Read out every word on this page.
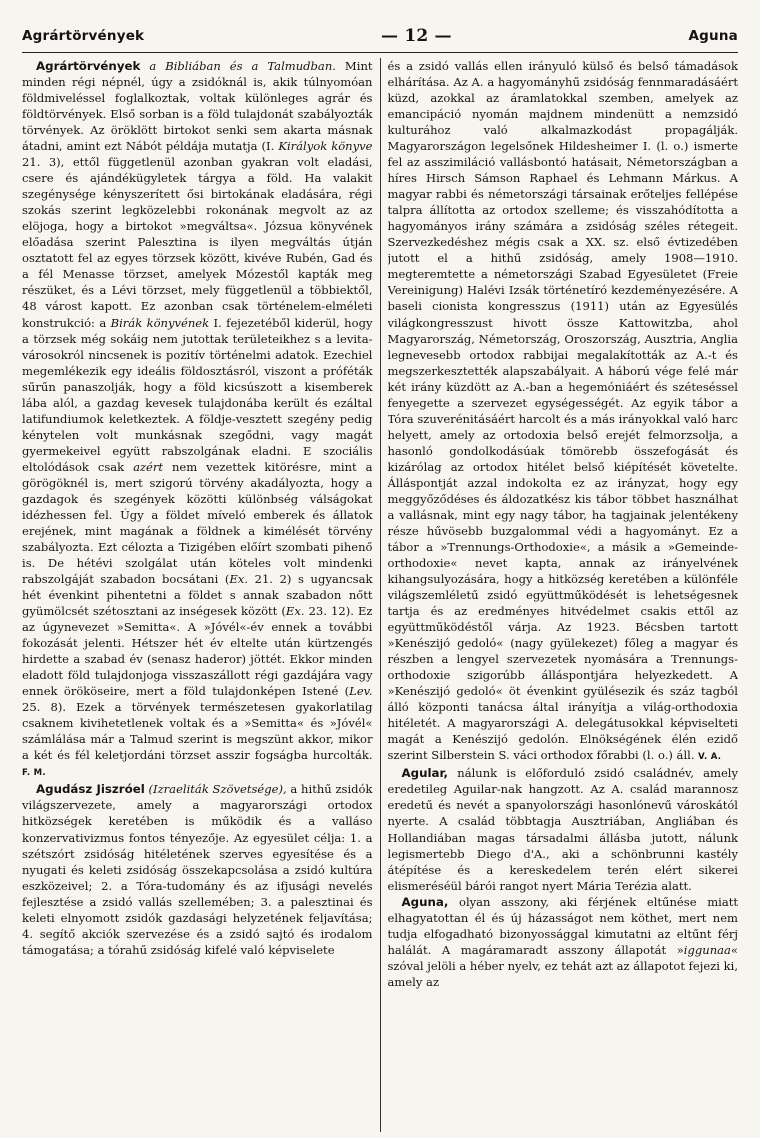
Agrártörvények	— 12 —	Aguna

Agrártörvények a Bibliában és a Talmudban. Mint minden régi népnél, úgy a zsidóknál is, akik túlnyomóan földmiveléssel foglalkoztak, voltak különleges agrár és földtörvények. Első sorban is a föld tulajdonát szabályozták törvények. Az öröklött birtokot senki sem akarta másnak átadni, amint ezt Nábót példája mutatja (I. Királyok könyve 21. 3), ettől függetlenül azonban gyakran volt eladási, csere és ajándékügyletek tárgya a föld. Ha valakit szegénysége kényszerített ősi birtokának eladására, régi szokás szerint legközelebbi rokonának megvolt az az elöjoga, hogy a birtokot »megváltsa«. Józsua könyvének előadása szerint Palesztina is ilyen megváltás útján osztatott fel az egyes törzsek között, kivéve Rubén, Gad és a fél Menasse törzset, amelyek Mózestől kapták meg részüket, és a Lévi törzset, mely függetlenül a többiektől, 48 várost kapott. Ez azonban csak történelem-elméleti konstrukció: a Birák könyvének I. fejezetéből kiderül, hogy a törzsek még sokáig nem jutottak területeikhez s a levita-városokról nincsenek is pozitív történelmi adatok. Ezechiel megemlékezik egy ideális földosztásról, viszont a próféták sűrűn panaszolják, hogy a föld kicsúszott a kisemberek lába alól, a gazdag kevesek tulajdonába került és ezáltal latifundiumok keletkeztek. A földje-vesztett szegény pedig kénytelen volt munkásnak szegődni, vagy magát gyermekeivel együtt rabszolgának eladni. E szociális eltolódások csak azért nem vezettek kitörésre, mint a görögöknél is, mert szigorú törvény akadályozta, hogy a gazdagok és szegények közötti különbség válságokat idézhessen fel. Úgy a földet míveló emberek és állatok erejének, mint magának a földnek a kimélését törvény szabályozta. Ezt célozta a Tizigében előírt szombati pihenő is. De hétévi szolgálat után köteles volt mindenki rabszolgáját szabadon bocsátani (Ex. 21. 2) s ugyancsak hét évenkint pihentetni a földet s annak szabadon nőtt gyümölcsét szétosztani az inségesek között (Ex. 23. 12). Ez az úgynevezet »Semitta«. A »Jóvél«-év ennek a további fokozását jelenti. Hétszer hét év eltelte után kürtzengés hirdette a szabad év (senasz haderor) jöttét. Ekkor minden eladott föld tulajdonjoga visszaszállott régi gazdájára vagy ennek örököseire, mert a föld tulajdonképen Istené (Lev. 25. 8). Ezek a törvények természetesen gyakorlatilag csaknem kivihetetlenek voltak és a »Semitta« és »Jóvél« számlálása már a Talmud szerint is megszünt akkor, mikor a két és fél keletjordáni törzset asszir fogságba hurcolták. F. M.

Agudász Jiszróel (Izraeliták Szövetsége), a hithű zsidók világszervezete, amely a magyarországi ortodox hitközségek keretében is működik és a valláso konzervativizmus fontos tényezője. Az egyesület célja: 1. a szétszórt zsidóság hitéletének szerves egyesítése és a nyugati és keleti zsidóság összekapcsolása a zsidó kultúra eszközeivel; 2. a Tóra-tudomány és az ifjusági nevelés fejlesztése a zsidó vallás szellemében; 3. a palesztinai és keleti elnyomott zsidók gazdasági helyzetének feljavítása; 4. segítő akciók szervezése és a zsidó sajtó és irodalom támogatása; a tórahű zsidóság kifelé való képviselete

és a zsidó vallás ellen irányuló külső és belső támadások elhárítása. Az A. a hagyományhű zsidóság fennmaradásáért küzd, azokkal az áramlatokkal szemben, amelyek az emancipáció nyomán majdnem mindenütt a nemzsidó kulturához való alkalmazkodást propagálják. Magyarországon legelsőnek Hildesheimer I. (l. o.) ismerte fel az asszimiláció vallásbontó hatásait, Németországban a híres Hirsch Sámson Raphael és Lehmann Márkus. A magyar rabbi és németországi társainak erőteljes fellépése talpra állította az ortodox szelleme; és visszahódította a hagyományos irány számára a zsidóság széles rétegeit. Szervezkedéshez mégis csak a XX. sz. első évtizedében jutott el a hithű zsidóság, amely 1908—1910. megteremtette a németországi Szabad Egyesületet (Freie Vereinigung) Halévi Izsák történetíró kezdeményezésére. A baseli cionista kongresszus (1911) után az Egyesülés világkongresszust hivott össze Kattowitzba, ahol Magyarország, Németország, Oroszország, Ausztria, Anglia legnevesebb ortodox rabbijai megalakították az A.-t és megszerkesztették alapszabályait. A háború vége felé már két irány küzdött az A.-ban a hegemóniáért és széteséssel fenyegette a szervezet egységességét. Az egyik tábor a Tóra szuverénitásáért harcolt és a más irányokkal való harc helyett, amely az ortodoxia belső erejét felmorzsolja, a hasonló gondolkodásúak tömörebb összefogását és kizárólag az ortodox hitélet belső kiépítését követelte. Álláspontját azzal indokolta ez az irányzat, hogy egy meggyőződéses és áldozatkész kis tábor többet használhat a vallásnak, mint egy nagy tábor, ha tagjainak jelentékeny része hűvösebb buzgalommal védi a hagyományt. Ez a tábor a »Trennungs-Orthodoxie«, a másik a »Gemeinde-orthodoxie« nevet kapta, annak az irányelvének kihangsulyozására, hogy a hitközség keretében a különféle világszemléletű zsidó együttműködését is lehetségesnek tartja és az eredményes hitvédelmet csakis ettől az együttműködéstől várja. Az 1923. Bécsben tartott »Kenészijó gedoló« (nagy gyülekezet) főleg a magyar és részben a lengyel szervezetek nyomására a Trennungs-orthodoxie szigorúbb álláspontjára helyezkedett. A »Kenészijó gedoló« öt évenkint gyülésezik és száz tagból álló központi tanácsa által irányítja a világ-orthodoxia hitéletét. A magyarországi A. delegátusokkal képviselteti magát a Kenészijó gedolón. Elnökségének élén ezidő szerint Silberstein S. váci orthodox főrabbi (l. o.) áll. V. A.

Agular, nálunk is előforduló zsidó családnév, amely eredetileg Aguilar-nak hangzott. Az A. család marannosz eredetű és nevét a spanyolországi hasonlónevű városkától nyerte. A család többtagja Ausztriában, Angliában és Hollandiában magas társadalmi állásba jutott, nálunk legismertebb Diego d'A., aki a schönbrunni kastély átépítése és a kereskedelem terén elért sikerei elismeréséül bárói rangot nyert Mária Terézia alatt.

Aguna, olyan asszony, aki férjének eltűnése miatt elhagyatottan él és új házasságot nem köthet, mert nem tudja elfogadható bizonyossággal kimutatni az eltűnt férj halálát. A magáramaradt asszony állapotát »iggunaa« szóval jelöli a héber nyelv, ez tehát azt az állapotot fejezi ki, amely az
